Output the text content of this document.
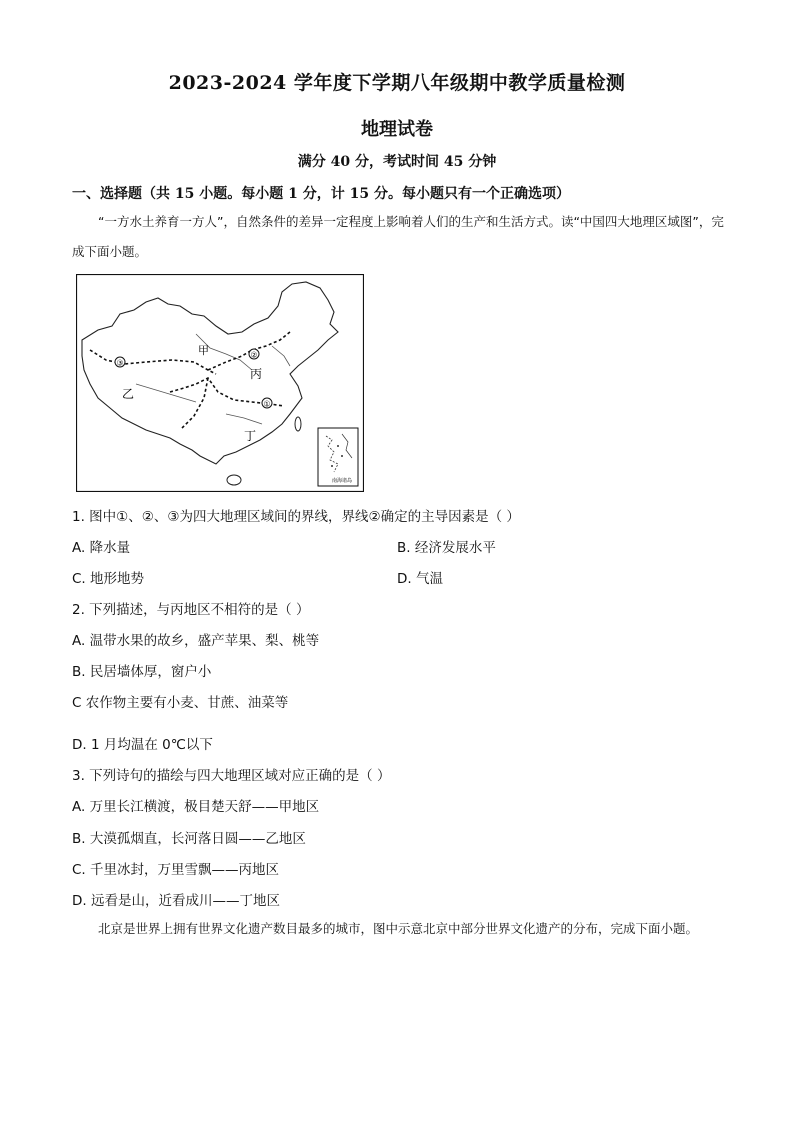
2023-2024 学年度下学期八年级期中教学质量检测
地理试卷
满分 40 分，考试时间 45 分钟
一、选择题（共 15 小题。每小题 1 分，计 15 分。每小题只有一个正确选项）
“一方水土养育一方人”，自然条件的差异一定程度上影响着人们的生产和生活方式。读“中国四大地理区域图”，完成下面小题。
③
②
①
甲
乙
丙
丁
南海诸岛
1. 图中①、②、③为四大地理区域间的界线，界线②确定的主导因素是（ ）
A. 降水量	B. 经济发展水平
C. 地形地势	D. 气温
2. 下列描述，与丙地区不相符的是（ ）
A. 温带水果的故乡，盛产苹果、梨、桃等
B. 民居墙体厚，窗户小
C 农作物主要有小麦、甘蔗、油菜等
D. 1 月均温在 0℃以下
3. 下列诗句的描绘与四大地理区域对应正确的是（ ）
A. 万里长江横渡，极目楚天舒——甲地区
B. 大漠孤烟直，长河落日圆——乙地区
C. 千里冰封，万里雪飘——丙地区
D. 远看是山，近看成川——丁地区
北京是世界上拥有世界文化遗产数目最多的城市，图中示意北京中部分世界文化遗产的分布，完成下面小题。
